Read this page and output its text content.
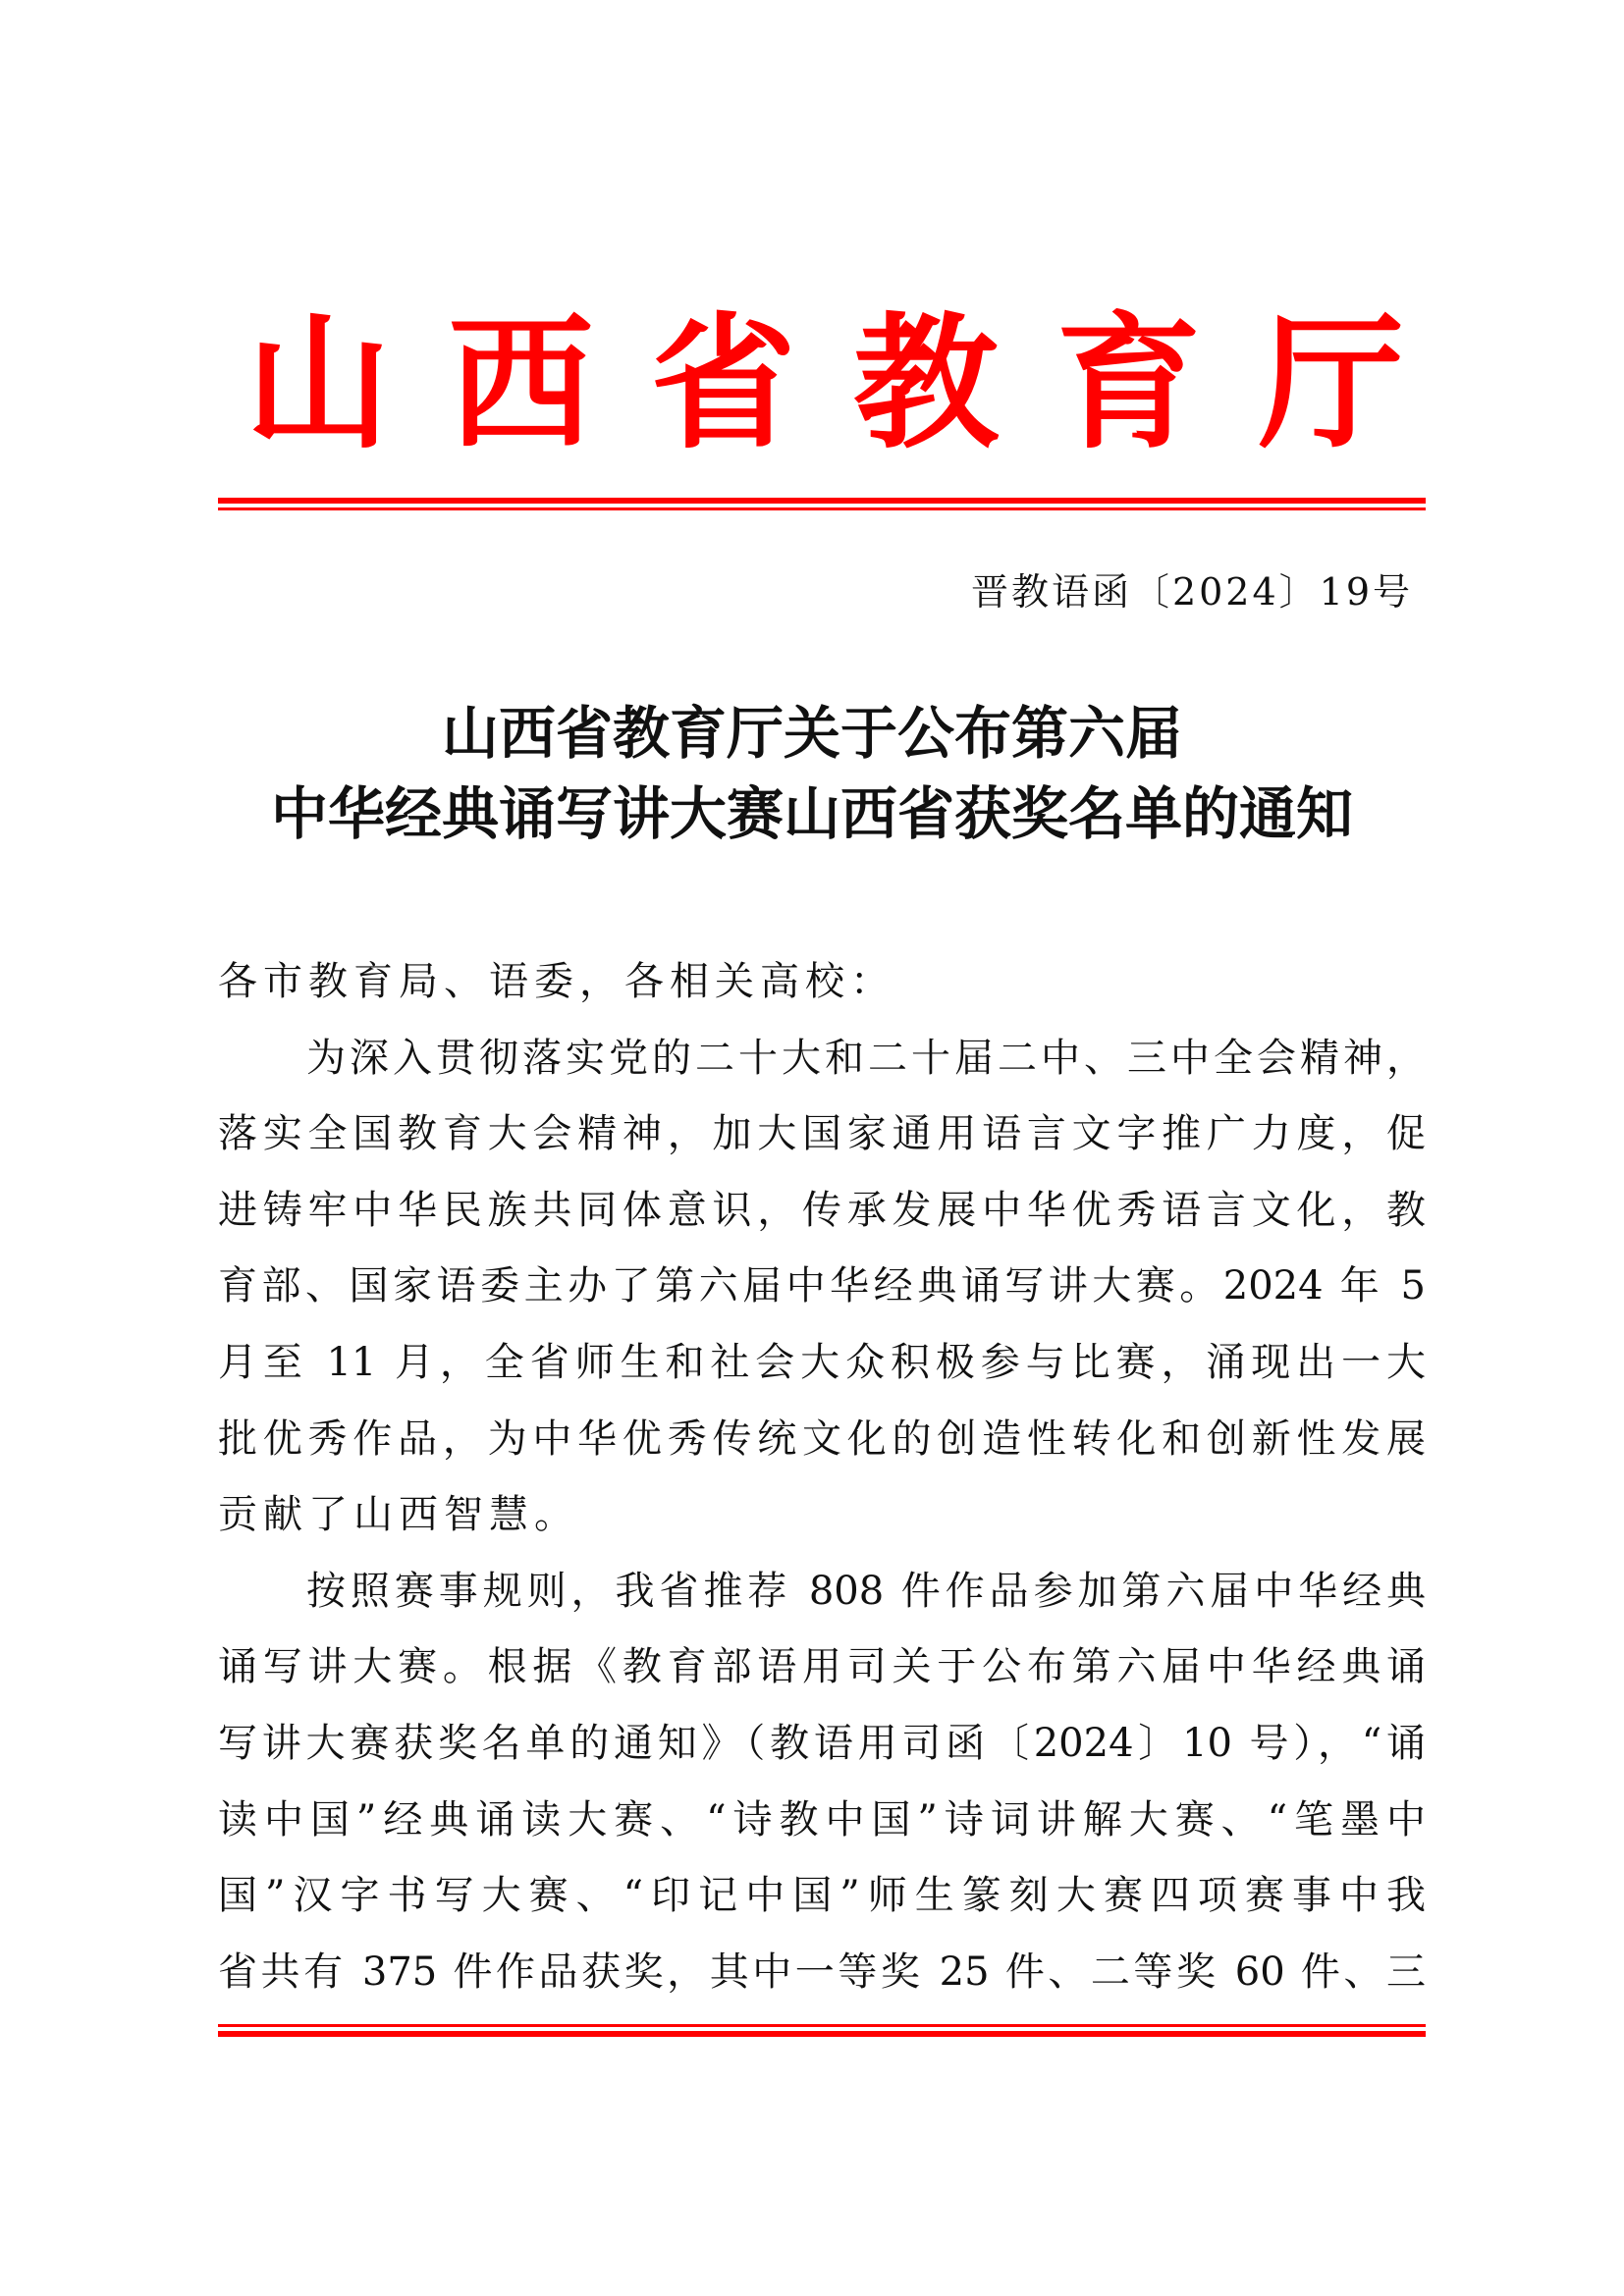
山 西 省 教 育 厅
晋教语函〔2024〕19号
山西省教育厅关于公布第六届
中华经典诵写讲大赛山西省获奖名单的通知
各市教育局、语委，各相关高校：
为深入贯彻落实党的二十大和二十届二中、三中全会精神，
落实全国教育大会精神，加大国家通用语言文字推广力度，促
进铸牢中华民族共同体意识，传承发展中华优秀语言文化，教
育部、国家语委主办了第六届中华经典诵写讲大赛。2024 年 5
月至 11 月，全省师生和社会大众积极参与比赛，涌现出一大
批优秀作品，为中华优秀传统文化的创造性转化和创新性发展
贡献了山西智慧。
按照赛事规则，我省推荐 808 件作品参加第六届中华经典
诵写讲大赛。根据《教育部语用司关于公布第六届中华经典诵
写讲大赛获奖名单的通知》（教语用司函〔2024〕10 号），“诵
读中国”经典诵读大赛、“诗教中国”诗词讲解大赛、“笔墨中
国”汉字书写大赛、“印记中国”师生篆刻大赛四项赛事中我
省共有 375 件作品获奖，其中一等奖 25 件、二等奖 60 件、三
